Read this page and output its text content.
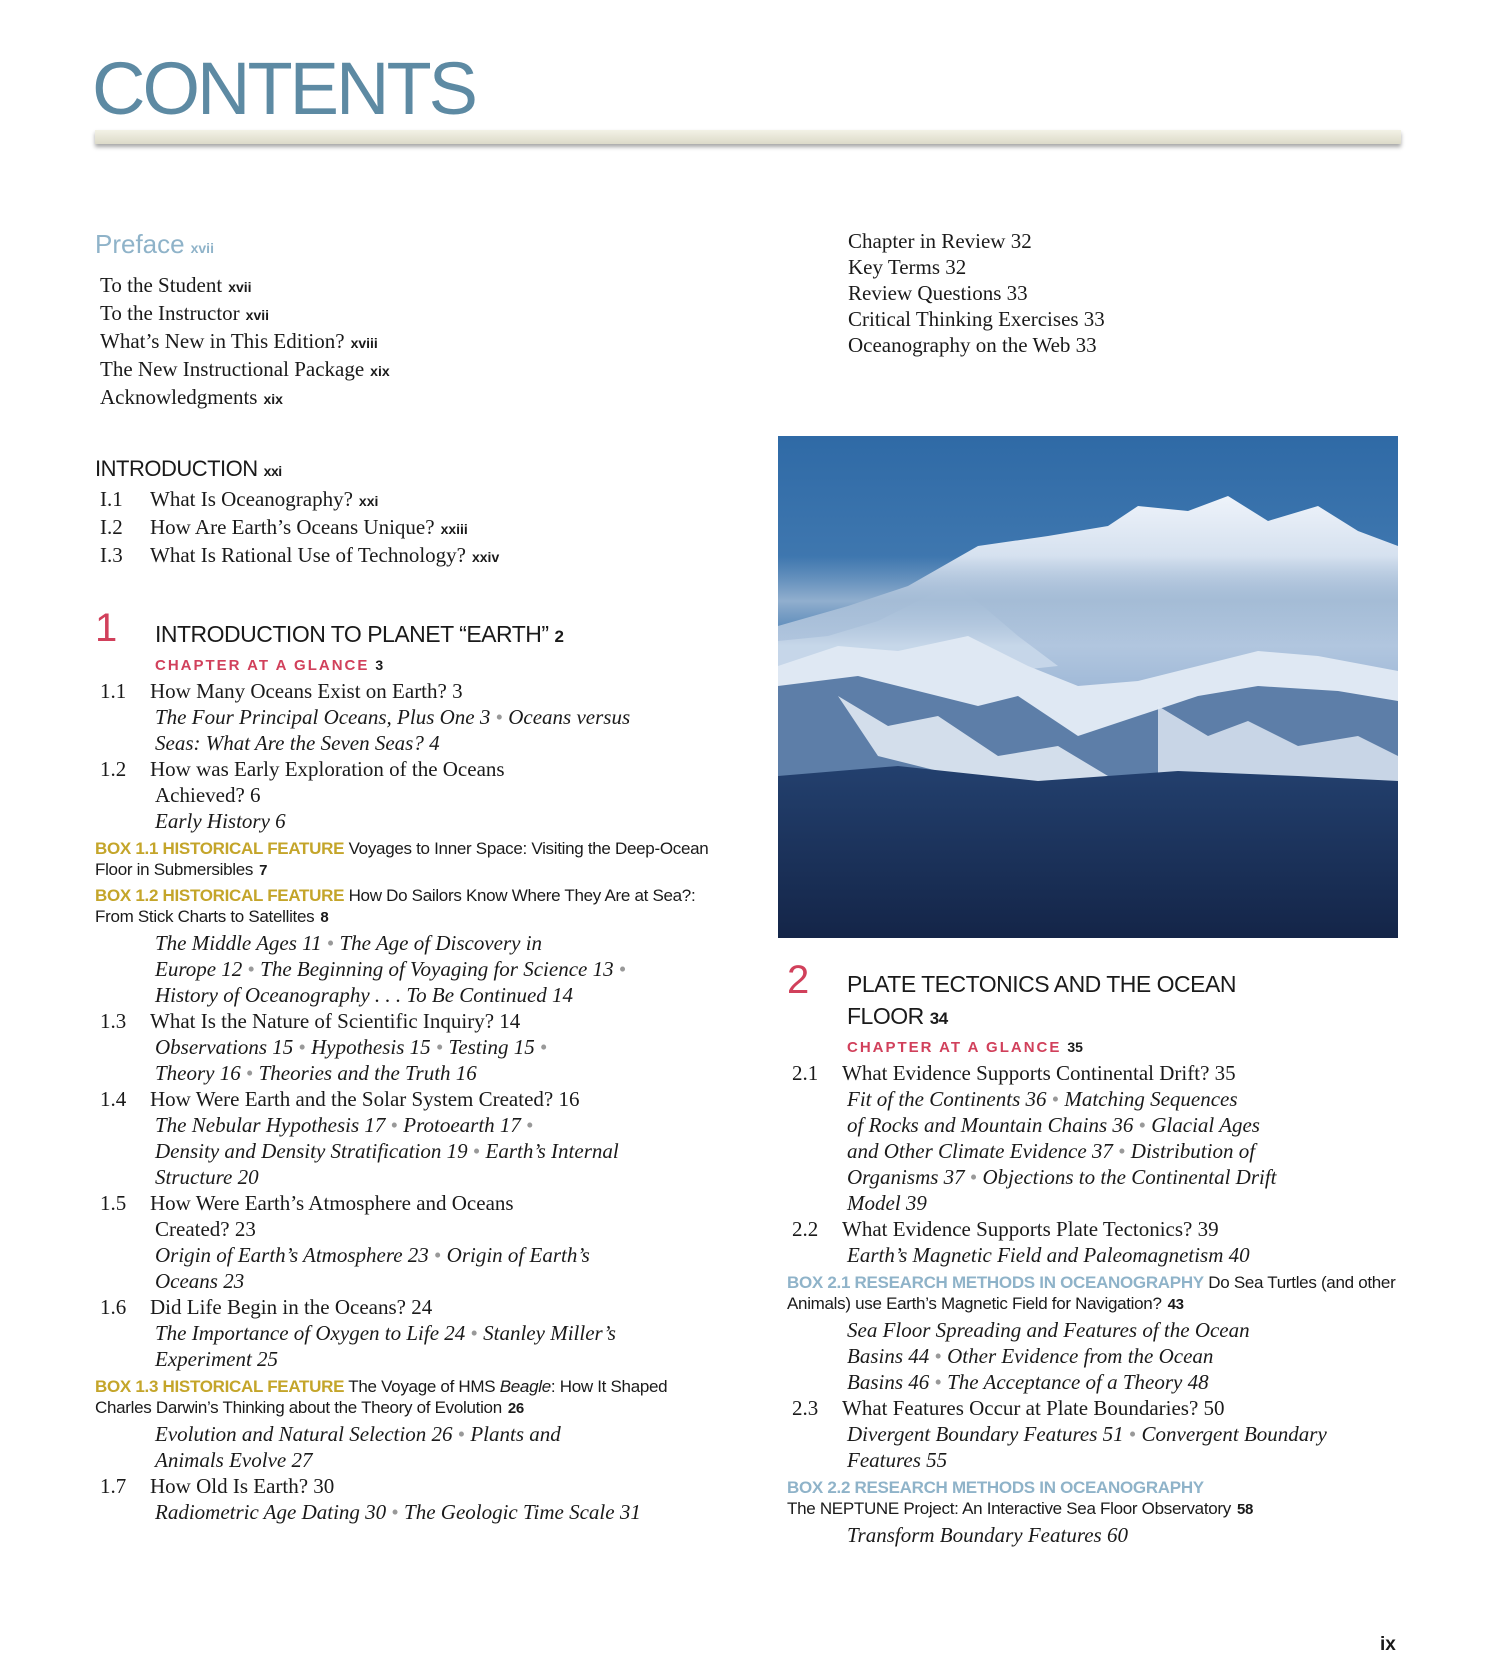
CONTENTS
Preface xvii
To the Student xvii
To the Instructor xvii
What’s New in This Edition? xviii
The New Instructional Package xix
Acknowledgments xix
INTRODUCTION xxi
I.1 What Is Oceanography? xxi
I.2 How Are Earth’s Oceans Unique? xxiii
I.3 What Is Rational Use of Technology? xxiv
1	INTRODUCTION TO PLANET “EARTH” 2
CHAPTER AT A GLANCE 3
1.1 How Many Oceans Exist on Earth? 3
The Four Principal Oceans, Plus One 3 • Oceans versus
Seas: What Are the Seven Seas? 4
1.2 How was Early Exploration of the Oceans
Achieved? 6
Early History 6
BOX 1.1 HISTORICAL FEATURE Voyages to Inner Space: Visiting the Deep-Ocean Floor in Submersibles 7
BOX 1.2 HISTORICAL FEATURE How Do Sailors Know Where They Are at Sea?: From Stick Charts to Satellites 8
The Middle Ages 11 • The Age of Discovery in
Europe 12 • The Beginning of Voyaging for Science 13 •
History of Oceanography . . . To Be Continued 14
1.3 What Is the Nature of Scientific Inquiry? 14
Observations 15 • Hypothesis 15 • Testing 15 •
Theory 16 • Theories and the Truth 16
1.4 How Were Earth and the Solar System Created? 16
The Nebular Hypothesis 17 • Protoearth 17 •
Density and Density Stratification 19 • Earth’s Internal
Structure 20
1.5 How Were Earth’s Atmosphere and Oceans
Created? 23
Origin of Earth’s Atmosphere 23 • Origin of Earth’s
Oceans 23
1.6 Did Life Begin in the Oceans? 24
The Importance of Oxygen to Life 24 • Stanley Miller’s
Experiment 25
BOX 1.3 HISTORICAL FEATURE The Voyage of HMS Beagle: How It Shaped Charles Darwin’s Thinking about the Theory of Evolution 26
Evolution and Natural Selection 26 • Plants and
Animals Evolve 27
1.7 How Old Is Earth? 30
Radiometric Age Dating 30 • The Geologic Time Scale 31
Chapter in Review 32
Key Terms 32
Review Questions 33
Critical Thinking Exercises 33
Oceanography on the Web 33
2	PLATE TECTONICS AND THE OCEAN
FLOOR 34
CHAPTER AT A GLANCE 35
2.1 What Evidence Supports Continental Drift? 35
Fit of the Continents 36 • Matching Sequences
of Rocks and Mountain Chains 36 • Glacial Ages
and Other Climate Evidence 37 • Distribution of
Organisms 37 • Objections to the Continental Drift
Model 39
2.2 What Evidence Supports Plate Tectonics? 39
Earth’s Magnetic Field and Paleomagnetism 40
BOX 2.1 RESEARCH METHODS IN OCEANOGRAPHY Do Sea Turtles (and other Animals) use Earth’s Magnetic Field for Navigation? 43
Sea Floor Spreading and Features of the Ocean
Basins 44 • Other Evidence from the Ocean
Basins 46 • The Acceptance of a Theory 48
2.3 What Features Occur at Plate Boundaries? 50
Divergent Boundary Features 51 • Convergent Boundary
Features 55
BOX 2.2 RESEARCH METHODS IN OCEANOGRAPHY
The NEPTUNE Project: An Interactive Sea Floor Observatory 58
Transform Boundary Features 60
ix
